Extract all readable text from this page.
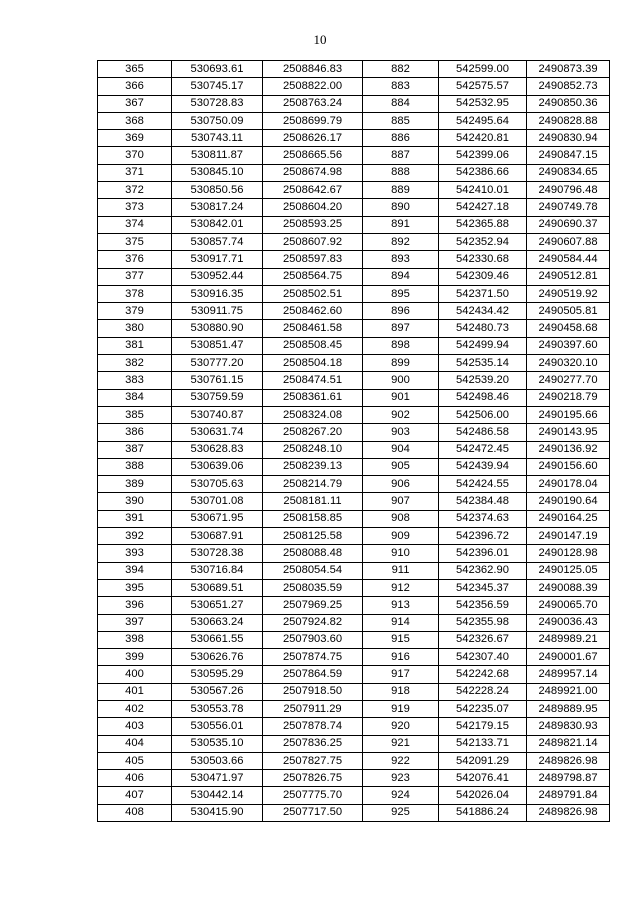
10
365	530693.61	2508846.83	882	542599.00	2490873.39
366	530745.17	2508822.00	883	542575.57	2490852.73
367	530728.83	2508763.24	884	542532.95	2490850.36
368	530750.09	2508699.79	885	542495.64	2490828.88
369	530743.11	2508626.17	886	542420.81	2490830.94
370	530811.87	2508665.56	887	542399.06	2490847.15
371	530845.10	2508674.98	888	542386.66	2490834.65
372	530850.56	2508642.67	889	542410.01	2490796.48
373	530817.24	2508604.20	890	542427.18	2490749.78
374	530842.01	2508593.25	891	542365.88	2490690.37
375	530857.74	2508607.92	892	542352.94	2490607.88
376	530917.71	2508597.83	893	542330.68	2490584.44
377	530952.44	2508564.75	894	542309.46	2490512.81
378	530916.35	2508502.51	895	542371.50	2490519.92
379	530911.75	2508462.60	896	542434.42	2490505.81
380	530880.90	2508461.58	897	542480.73	2490458.68
381	530851.47	2508508.45	898	542499.94	2490397.60
382	530777.20	2508504.18	899	542535.14	2490320.10
383	530761.15	2508474.51	900	542539.20	2490277.70
384	530759.59	2508361.61	901	542498.46	2490218.79
385	530740.87	2508324.08	902	542506.00	2490195.66
386	530631.74	2508267.20	903	542486.58	2490143.95
387	530628.83	2508248.10	904	542472.45	2490136.92
388	530639.06	2508239.13	905	542439.94	2490156.60
389	530705.63	2508214.79	906	542424.55	2490178.04
390	530701.08	2508181.11	907	542384.48	2490190.64
391	530671.95	2508158.85	908	542374.63	2490164.25
392	530687.91	2508125.58	909	542396.72	2490147.19
393	530728.38	2508088.48	910	542396.01	2490128.98
394	530716.84	2508054.54	911	542362.90	2490125.05
395	530689.51	2508035.59	912	542345.37	2490088.39
396	530651.27	2507969.25	913	542356.59	2490065.70
397	530663.24	2507924.82	914	542355.98	2490036.43
398	530661.55	2507903.60	915	542326.67	2489989.21
399	530626.76	2507874.75	916	542307.40	2490001.67
400	530595.29	2507864.59	917	542242.68	2489957.14
401	530567.26	2507918.50	918	542228.24	2489921.00
402	530553.78	2507911.29	919	542235.07	2489889.95
403	530556.01	2507878.74	920	542179.15	2489830.93
404	530535.10	2507836.25	921	542133.71	2489821.14
405	530503.66	2507827.75	922	542091.29	2489826.98
406	530471.97	2507826.75	923	542076.41	2489798.87
407	530442.14	2507775.70	924	542026.04	2489791.84
408	530415.90	2507717.50	925	541886.24	2489826.98
